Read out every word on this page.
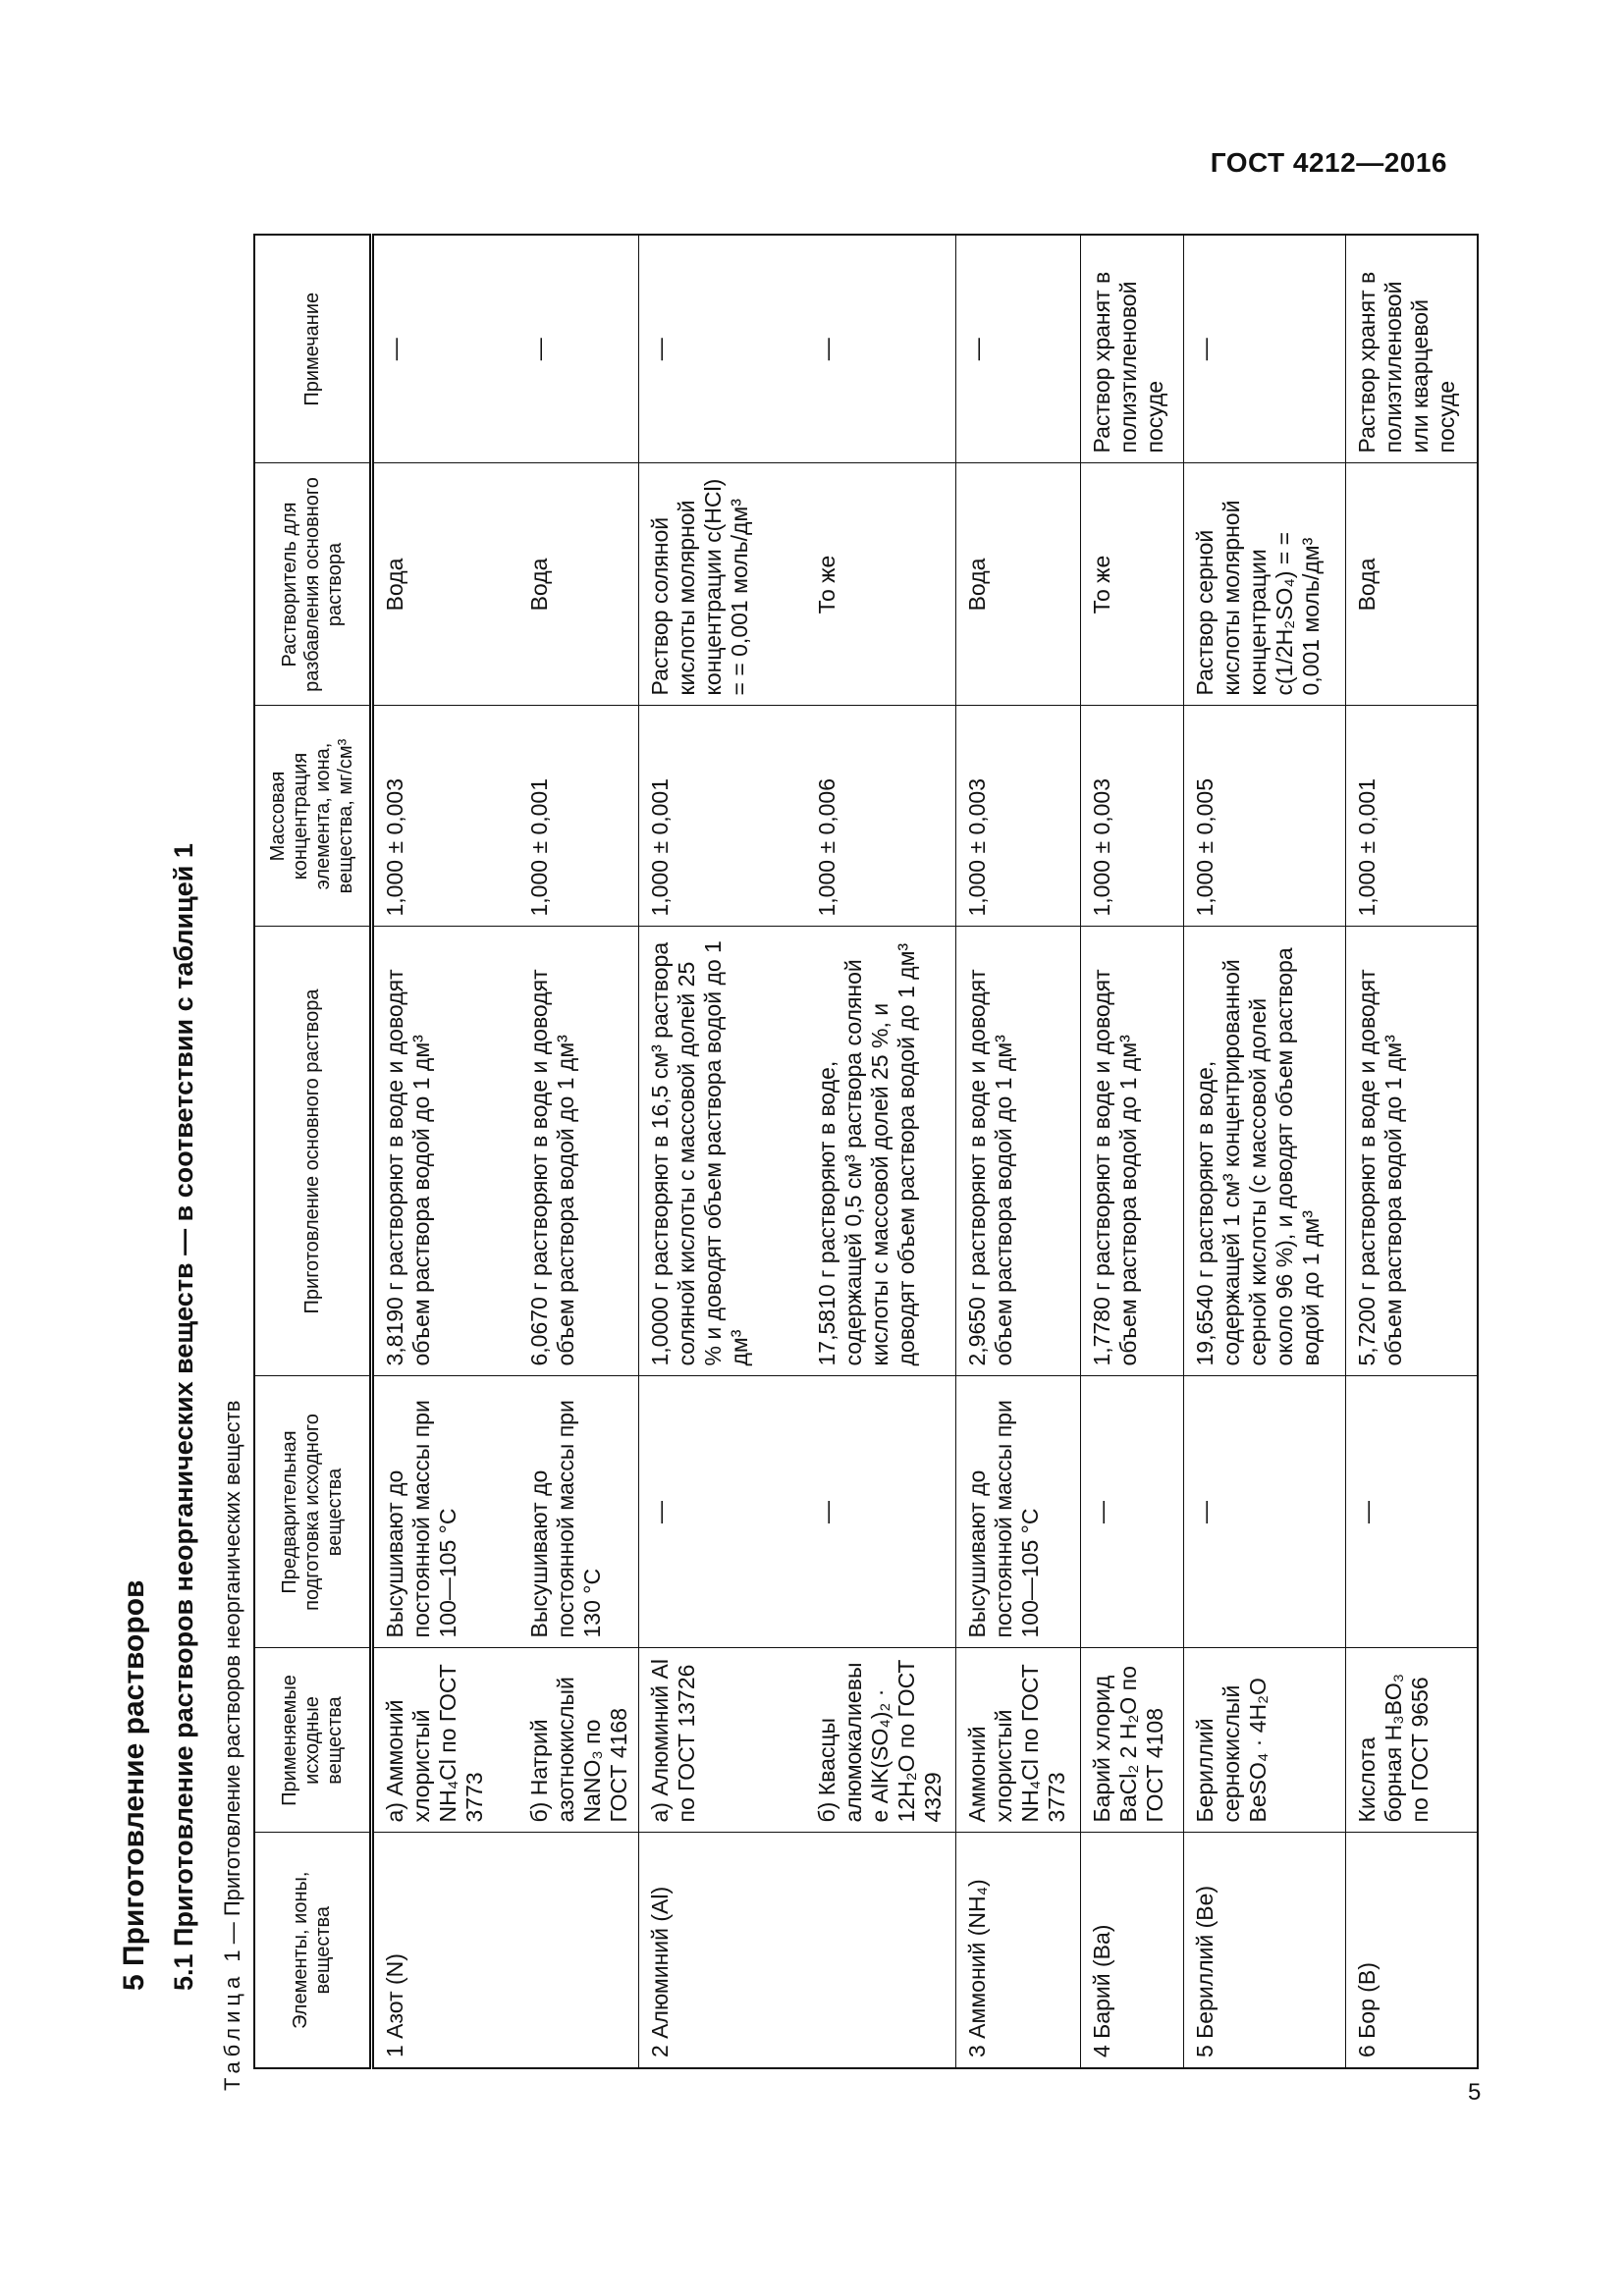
ГОСТ 4212—2016
5 Приготовление растворов 5.1 Приготовление растворов неорганических веществ — в соответствии с таблицей 1
Таблица 1 — Приготовление растворов неорганических веществ Элементы, ионы, вещества	Применяемые исходные вещества	Предварительная подготовка исходного вещества	Приготовление основного раствора	Массовая концентрация элемента, иона, вещества, мг/см³	Растворитель для разбавления основного раствора	Примечание
1 Азот (N)	а) Аммоний хлористый NH₄Cl по ГОСТ 3773	Высушивают до постоянной массы при 100—105 °С	3,8190 г растворяют в воде и доводят объем раствора водой до 1 дм³	1,000 ± 0,003	Вода	—
	б) Натрий азотнокислый NaNO₃ по ГОСТ 4168	Высушивают до постоянной массы при 130 °С	6,0670 г растворяют в воде и доводят объем раствора водой до 1 дм³	1,000 ± 0,001	Вода	—
2 Алюминий (Al)	а) Алюминий Al по ГОСТ 13726	—	1,0000 г растворяют в 16,5 см³ раствора соляной кислоты с массовой долей 25 % и доводят объем раствора водой до 1 дм³	1,000 ± 0,001	Раствор соляной кислоты молярной концентрации с(HCl) = = 0,001 моль/дм³	—
	б) Квасцы алюмокалиевые AlK(SO₄)₂ · 12H₂O по ГОСТ 4329	—	17,5810 г растворяют в воде, содержащей 0,5 см³ раствора соляной кислоты с массовой долей 25 %, и доводят объем раствора водой до 1 дм³	1,000 ± 0,006	То же	—
3 Аммоний (NH₄)	Аммоний хлористый NH₄Cl по ГОСТ 3773	Высушивают до постоянной массы при 100—105 °С	2,9650 г растворяют в воде и доводят объем раствора водой до 1 дм³	1,000 ± 0,003	Вода	—
4 Барий (Ва)	Барий хлорид BaCl₂ 2 H₂O по ГОСТ 4108	—	1,7780 г растворяют в воде и доводят объем раствора водой до 1 дм³	1,000 ± 0,003	То же	Раствор хранят в полиэтиленовой посуде
5 Бериллий (Ве)	Бериллий сернокислый BeSO₄ · 4H₂O	—	19,6540 г растворяют в воде, содержащей 1 см³ концентрированной серной кислоты (с массовой долей около 96 %), и доводят объем раствора водой до 1 дм³	1,000 ± 0,005	Раствор серной кислоты молярной концентрации с(1/2H₂SO₄) = = 0,001 моль/дм³	—
6 Бор (В)	Кислота борная H₃BO₃ по ГОСТ 9656	—	5,7200 г растворяют в воде и доводят объем раствора водой до 1 дм³	1,000 ± 0,001	Вода	Раствор хранят в полиэтиленовой или кварцевой посуде
5
